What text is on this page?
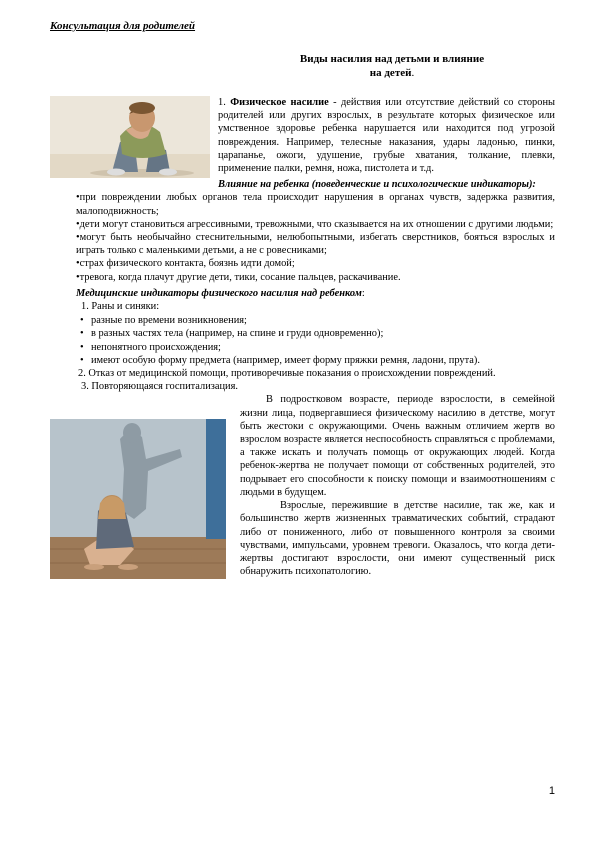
Консультация для родителей
Виды насилия над детьми и влияние
на детей.

1. Физическое насилие - действия или отсутствие действий со стороны родителей или других взрослых, в результате которых физическое или умственное здоровье ребенка нарушается или находится под угрозой повреждения. Например, телесные наказания, удары ладонью, пинки, царапанье, ожоги, удушение, грубые хватания, толкание, плевки, применение палки, ремня, ножа, пистолета и т.д.

Влияние на ребенка (поведенческие и психологические индикаторы):

•при повреждении любых органов тела происходит нарушения в органах чувств, задержка развития, малоподвижность;

•дети могут становиться агрессивными, тревожными, что сказывается на их отношении с другими людьми;

•могут быть необычайно стеснительными, нелюбопытными, избегать сверстников, бояться взрослых и играть только с маленькими детьми, а не с ровесниками;

•страх физического контакта, боязнь идти домой;

•тревога, когда плачут другие дети, тики, сосание пальцев, раскачивание.

Медицинские индикаторы физического насилия над ребенком:

1. Раны и синяки:

• разные по времени возникновения;
• в разных частях тела (например, на спине и груди одновременно);
• непонятного происхождения;
• имеют особую форму предмета (например, имеет форму пряжки ремня, ладони, прута).

2. Отказ от медицинской помощи, противоречивые показания о происхождении повреждений.

3. Повторяющаяся госпитализация.

В подростковом возрасте, периоде взрослости, в семейной жизни лица, подвергавшиеся физическому насилию в детстве, могут быть жестоки с окружающими. Очень важным отличием жертв во взрослом возрасте является неспособность справляться с проблемами, а также искать и получать помощь от окружающих людей. Когда ребенок-жертва не получает помощи от собственных родителей, это подрывает его способности к поиску помощи и взаимоотношениям с людьми в будущем.

Взрослые, пережившие в детстве насилие, так же, как и большинство жертв жизненных травматических событий, страдают либо от пониженного, либо от повышенного контроля за своими чувствами, импульсами, уровнем тревоги. Оказалось, что когда дети-жертвы достигают взрослости, они имеют существенный риск обнаружить психопатологию.

1
